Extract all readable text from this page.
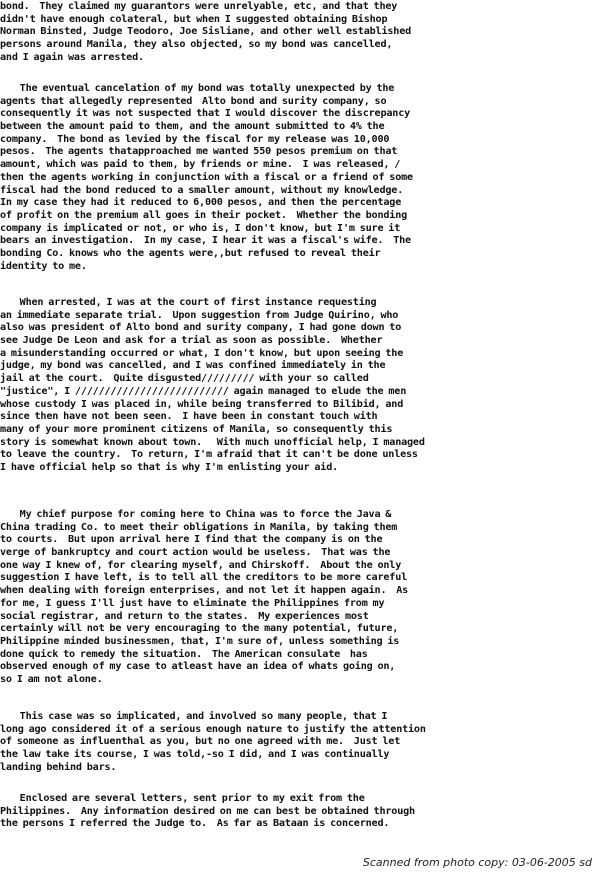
bond.  They claimed my guarantors were unrelyable, etc, and that they
didn't have enough colateral, but when I suggested obtaining Bishop
Norman Binsted, Judge Teodoro, Joe Sisliane, and other well established
persons around Manila, they also objected, so my bond was cancelled,
and I again was arrested.
The eventual cancelation of my bond was totally unexpected by the
agents that allegedly represented  Alto bond and surity company, so
consequently it was not suspected that I would discover the discrepancy
between the amount paid to them, and the amount submitted to 4% the
company.  The bond as levied by the fiscal for my release was 10,000
pesos.  The agents thatapproached me wanted 550 pesos premium on that
amount, which was paid to them, by friends or mine.  I was released, /
then the agents working in conjunction with a fiscal or a friend of some
fiscal had the bond reduced to a smaller amount, without my knowledge.
In my case they had it reduced to 6,000 pesos, and then the percentage
of profit on the premium all goes in their pocket.  Whether the bonding
company is implicated or not, or who is, I don't know, but I'm sure it
bears an investigation.  In my case, I hear it was a fiscal's wife.  The
bonding Co. knows who the agents were,,but refused to reveal their
identity to me.
When arrested, I was at the court of first instance requesting
an immediate separate trial.  Upon suggestion from Judge Quirino, who
also was president of Alto bond and surity company, I had gone down to
see Judge De Leon and ask for a trial as soon as possible.  Whether
a misunderstanding occurred or what, I don't know, but upon seeing the
judge, my bond was cancelled, and I was confined immediately in the
jail at the court.  Quite disgusted///////// with your so called
"justice", I ////////////////////////// again managed to elude the men
whose custody I was placed in, while being transferred to Bilibid, and
since then have not been seen.  I have been in constant touch with
many of your more prominent citizens of Manila, so consequently this
story is somewhat known about town.   With much unofficial help, I managed
to leave the country.  To return, I'm afraid that it can't be done unless
I have official help so that is why I'm enlisting your aid.
My chief purpose for coming here to China was to force the Java &
China trading Co. to meet their obligations in Manila, by taking them
to courts.  But upon arrival here I find that the company is on the
verge of bankruptcy and court action would be useless.  That was the
one way I knew of, for clearing myself, and Chirskoff.  About the only
suggestion I have left, is to tell all the creditors to be more careful
when dealing with foreign enterprises, and not let it happen again.  As
for me, I guess I'll just have to eliminate the Philippines from my
social registrar, and return to the states.  My experiences most
certainly will not be very encouraging to the many potential, future,
Philippine minded businessmen, that, I'm sure of, unless something is
done quick to remedy the situation.  The American consulate  has
observed enough of my case to atleast have an idea of whats going on,
so I am not alone.
This case was so implicated, and involved so many people, that I
long ago considered it of a serious enough nature to justify the attention
of someone as influenthal as you, but no one agreed with me.  Just let
the law take its course, I was told,-so I did, and I was continually
landing behind bars.
Enclosed are several letters, sent prior to my exit from the
Philippines.  Any information desired on me can best be obtained through
the persons I referred the Judge to.  As far as Bataan is concerned.
Scanned from photo copy: 03-06-2005 sd
